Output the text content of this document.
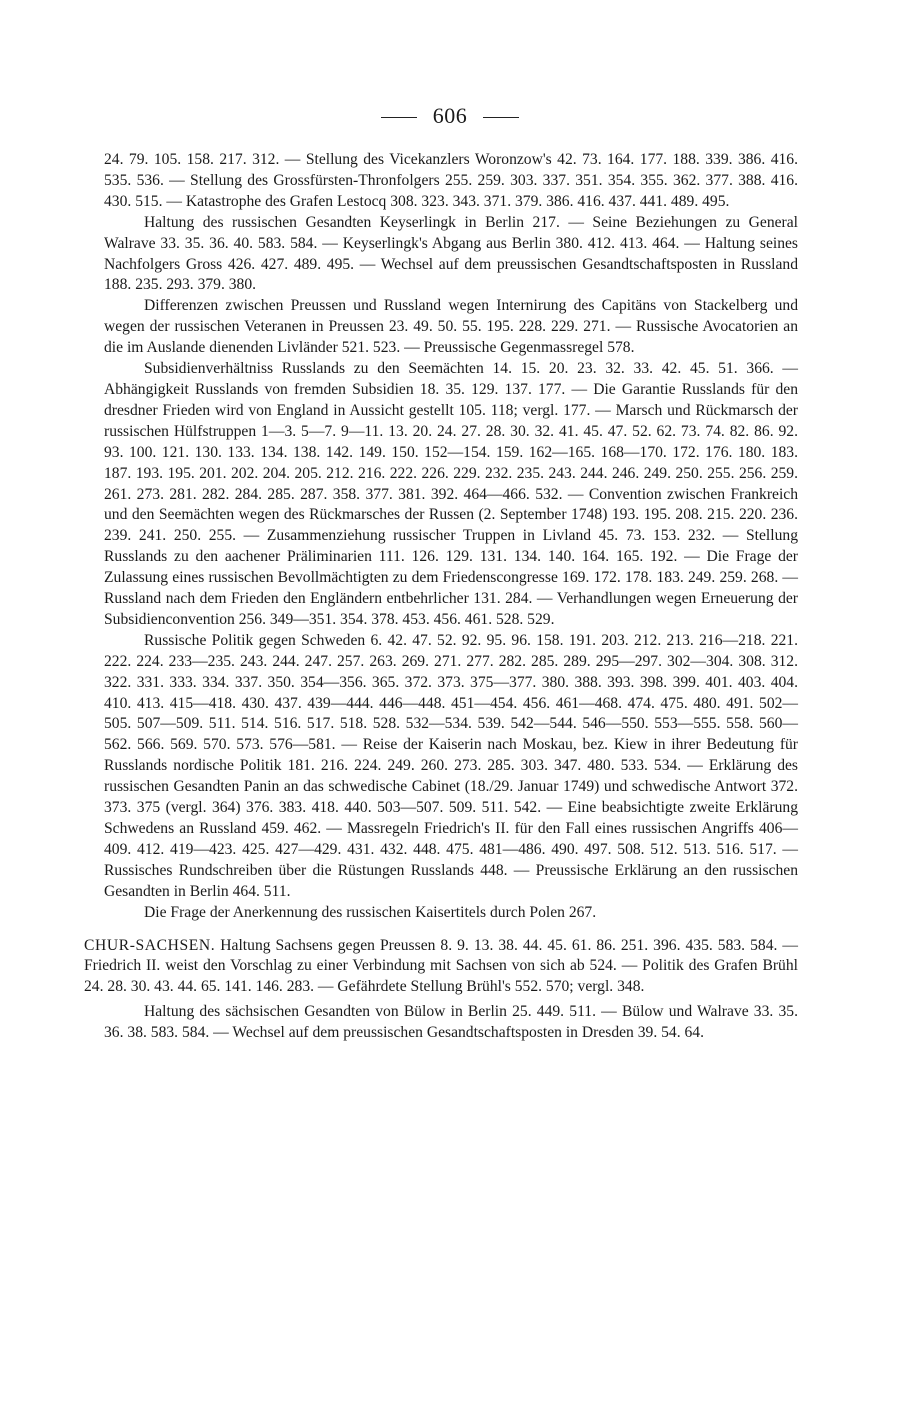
606

24. 79. 105. 158. 217. 312. — Stellung des Vicekanzlers Woronzow's 42. 73. 164. 177. 188. 339. 386. 416. 535. 536. — Stellung des Grossfürsten-Thronfolgers 255. 259. 303. 337. 351. 354. 355. 362. 377. 388. 416. 430. 515. — Katastrophe des Grafen Lestocq 308. 323. 343. 371. 379. 386. 416. 437. 441. 489. 495.

Haltung des russischen Gesandten Keyserlingk in Berlin 217. — Seine Beziehungen zu General Walrave 33. 35. 36. 40. 583. 584. — Keyserlingk's Abgang aus Berlin 380. 412. 413. 464. — Haltung seines Nachfolgers Gross 426. 427. 489. 495. — Wechsel auf dem preussischen Gesandtschaftsposten in Russland 188. 235. 293. 379. 380.

Differenzen zwischen Preussen und Russland wegen Internirung des Capitäns von Stackelberg und wegen der russischen Veteranen in Preussen 23. 49. 50. 55. 195. 228. 229. 271. — Russische Avocatorien an die im Auslande dienenden Livländer 521. 523. — Preussische Gegenmassregel 578.

Subsidienverhältniss Russlands zu den Seemächten 14. 15. 20. 23. 32. 33. 42. 45. 51. 366. — Abhängigkeit Russlands von fremden Subsidien 18. 35. 129. 137. 177. — Die Garantie Russlands für den dresdner Frieden wird von England in Aussicht gestellt 105. 118; vergl. 177. — Marsch und Rückmarsch der russischen Hülfstruppen 1—3. 5—7. 9—11. 13. 20. 24. 27. 28. 30. 32. 41. 45. 47. 52. 62. 73. 74. 82. 86. 92. 93. 100. 121. 130. 133. 134. 138. 142. 149. 150. 152—154. 159. 162—165. 168—170. 172. 176. 180. 183. 187. 193. 195. 201. 202. 204. 205. 212. 216. 222. 226. 229. 232. 235. 243. 244. 246. 249. 250. 255. 256. 259. 261. 273. 281. 282. 284. 285. 287. 358. 377. 381. 392. 464—466. 532. — Convention zwischen Frankreich und den Seemächten wegen des Rückmarsches der Russen (2. September 1748) 193. 195. 208. 215. 220. 236. 239. 241. 250. 255. — Zusammenziehung russischer Truppen in Livland 45. 73. 153. 232. — Stellung Russlands zu den aachener Präliminarien 111. 126. 129. 131. 134. 140. 164. 165. 192. — Die Frage der Zulassung eines russischen Bevollmächtigten zu dem Friedenscongresse 169. 172. 178. 183. 249. 259. 268. — Russland nach dem Frieden den Engländern entbehrlicher 131. 284. — Verhandlungen wegen Erneuerung der Subsidienconvention 256. 349—351. 354. 378. 453. 456. 461. 528. 529.

Russische Politik gegen Schweden 6. 42. 47. 52. 92. 95. 96. 158. 191. 203. 212. 213. 216—218. 221. 222. 224. 233—235. 243. 244. 247. 257. 263. 269. 271. 277. 282. 285. 289. 295—297. 302—304. 308. 312. 322. 331. 333. 334. 337. 350. 354—356. 365. 372. 373. 375—377. 380. 388. 393. 398. 399. 401. 403. 404. 410. 413. 415—418. 430. 437. 439—444. 446—448. 451—454. 456. 461—468. 474. 475. 480. 491. 502—505. 507—509. 511. 514. 516. 517. 518. 528. 532—534. 539. 542—544. 546—550. 553—555. 558. 560—562. 566. 569. 570. 573. 576—581. — Reise der Kaiserin nach Moskau, bez. Kiew in ihrer Bedeutung für Russlands nordische Politik 181. 216. 224. 249. 260. 273. 285. 303. 347. 480. 533. 534. — Erklärung des russischen Gesandten Panin an das schwedische Cabinet (18./29. Januar 1749) und schwedische Antwort 372. 373. 375 (vergl. 364) 376. 383. 418. 440. 503—507. 509. 511. 542. — Eine beabsichtigte zweite Erklärung Schwedens an Russland 459. 462. — Massregeln Friedrich's II. für den Fall eines russischen Angriffs 406—409. 412. 419—423. 425. 427—429. 431. 432. 448. 475. 481—486. 490. 497. 508. 512. 513. 516. 517. — Russisches Rundschreiben über die Rüstungen Russlands 448. — Preussische Erklärung an den russischen Gesandten in Berlin 464. 511.

Die Frage der Anerkennung des russischen Kaisertitels durch Polen 267.

CHUR-SACHSEN. Haltung Sachsens gegen Preussen 8. 9. 13. 38. 44. 45. 61. 86. 251. 396. 435. 583. 584. — Friedrich II. weist den Vorschlag zu einer Verbindung mit Sachsen von sich ab 524. — Politik des Grafen Brühl 24. 28. 30. 43. 44. 65. 141. 146. 283. — Gefährdete Stellung Brühl's 552. 570; vergl. 348.

Haltung des sächsischen Gesandten von Bülow in Berlin 25. 449. 511. — Bülow und Walrave 33. 35. 36. 38. 583. 584. — Wechsel auf dem preussischen Gesandtschaftsposten in Dresden 39. 54. 64.
